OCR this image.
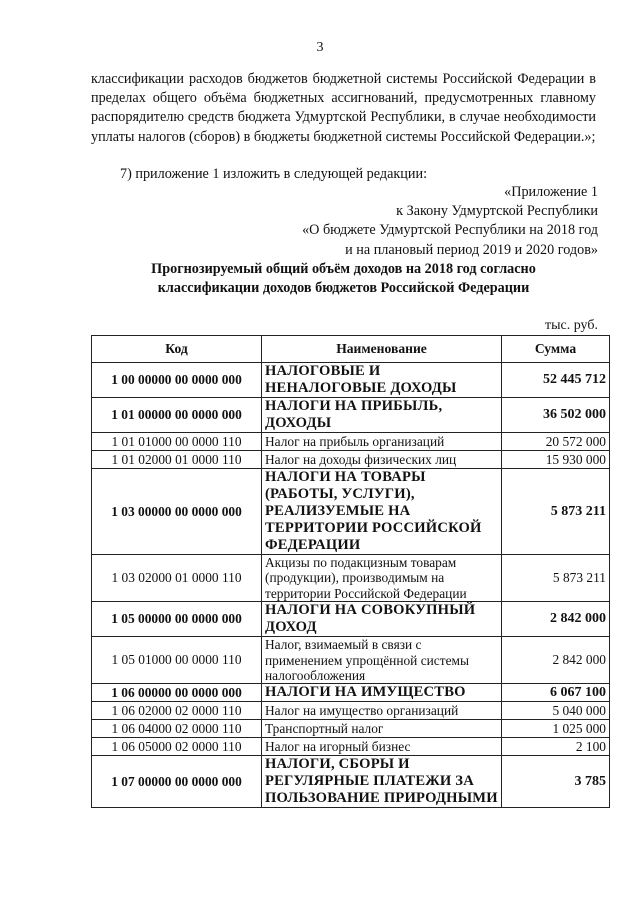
3
классификации расходов бюджетов бюджетной системы Российской Федерации в пределах общего объёма бюджетных ассигнований, предусмотренных главному распорядителю средств бюджета Удмуртской Республики, в случае необходимости уплаты налогов (сборов) в бюджеты бюджетной системы Российской Федерации.»;
7) приложение 1 изложить в следующей редакции:
«Приложение 1
к Закону Удмуртской Республики
«О бюджете Удмуртской Республики на 2018 год
и на плановый период 2019 и 2020 годов»
Прогнозируемый общий объём доходов на 2018 год согласно
классификации доходов бюджетов Российской Федерации
тыс. руб.
Код	Наименование	Сумма
1 00 00000 00 0000 000	НАЛОГОВЫЕ И НЕНАЛОГОВЫЕ ДОХОДЫ	52 445 712
1 01 00000 00 0000 000	НАЛОГИ НА ПРИБЫЛЬ, ДОХОДЫ	36 502 000
1 01 01000 00 0000 110	Налог на прибыль организаций	20 572 000
1 01 02000 01 0000 110	Налог на доходы физических лиц	15 930 000
1 03 00000 00 0000 000	НАЛОГИ НА ТОВАРЫ (РАБОТЫ, УСЛУГИ), РЕАЛИЗУЕМЫЕ НА ТЕРРИТОРИИ РОССИЙСКОЙ ФЕДЕРАЦИИ	5 873 211
1 03 02000 01 0000 110	Акцизы по подакцизным товарам (продукции), производимым на территории Российской Федерации	5 873 211
1 05 00000 00 0000 000	НАЛОГИ НА СОВОКУПНЫЙ ДОХОД	2 842 000
1 05 01000 00 0000 110	Налог, взимаемый в связи с применением упрощённой системы налогообложения	2 842 000
1 06 00000 00 0000 000	НАЛОГИ НА ИМУЩЕСТВО	6 067 100
1 06 02000 02 0000 110	Налог на имущество организаций	5 040 000
1 06 04000 02 0000 110	Транспортный налог	1 025 000
1 06 05000 02 0000 110	Налог на игорный бизнес	2 100
1 07 00000 00 0000 000	НАЛОГИ, СБОРЫ И РЕГУЛЯРНЫЕ ПЛАТЕЖИ ЗА ПОЛЬЗОВАНИЕ ПРИРОДНЫМИ	3 785
